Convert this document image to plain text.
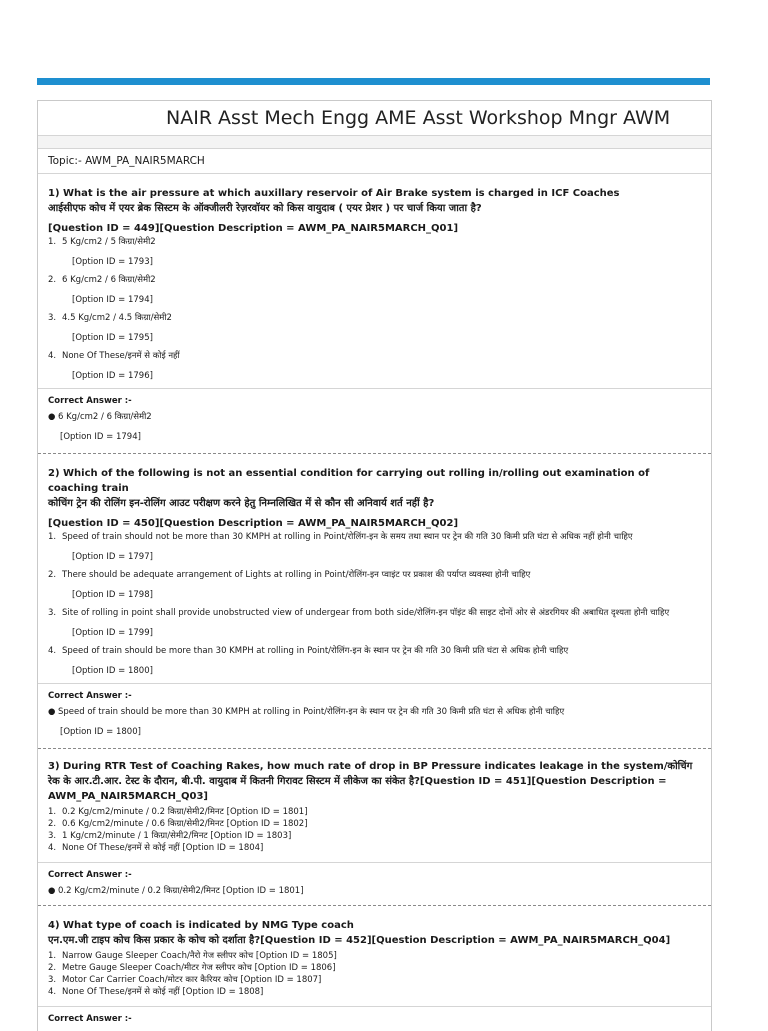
NAIR Asst Mech Engg AME Asst Workshop Mngr AWM
Topic:- AWM_PA_NAIR5MARCH
1) What is the air pressure at which auxillary reservoir of Air Brake system is charged in ICF Coaches
आईसीएफ कोच में एयर ब्रेक सिस्टम के ऑक्जीलरी रेज़रवॉयर को किस वायुदाब ( एयर प्रेशर ) पर चार्ज किया जाता है?
[Question ID = 449][Question Description = AWM_PA_NAIR5MARCH_Q01]
1. 5 Kg/cm2 / 5 किग्रा/सेमी2
[Option ID = 1793]
2. 6 Kg/cm2 / 6 किग्रा/सेमी2
[Option ID = 1794]
3. 4.5 Kg/cm2 / 4.5 किग्रा/सेमी2
[Option ID = 1795]
4. None Of These/इनमें से कोई नहीं
[Option ID = 1796]
Correct Answer :-
● 6 Kg/cm2 / 6 किग्रा/सेमी2
[Option ID = 1794]
2) Which of the following is not an essential condition for carrying out rolling in/rolling out examination of coaching train
कोचिंग ट्रेन की रोलिंग इन-रोलिंग आउट परीक्षण करने हेतु निम्नलिखित में से कौन सी अनिवार्य शर्त नहीं है?
[Question ID = 450][Question Description = AWM_PA_NAIR5MARCH_Q02]
1. Speed of train should not be more than 30 KMPH at rolling in Point/रोलिंग-इन के समय तथा स्थान पर ट्रेन की गति 30 किमी प्रति घंटा से अधिक नहीं होनी चाहिए
[Option ID = 1797]
2. There should be adequate arrangement of Lights at rolling in Point/रोलिंग-इन प्वाइंट पर प्रकाश की पर्याप्त व्यवस्था होनी चाहिए
[Option ID = 1798]
3. Site of rolling in point shall provide unobstructed view of undergear from both side/रोलिंग-इन पॉइंट की साइट दोनों ओर से अंडरगियर की अबाधित दृश्यता होनी चाहिए
[Option ID = 1799]
4. Speed of train should be more than 30 KMPH at rolling in Point/रोलिंग-इन के स्थान पर ट्रेन की गति 30 किमी प्रति घंटा से अधिक होनी चाहिए
[Option ID = 1800]
Correct Answer :-
● Speed of train should be more than 30 KMPH at rolling in Point/रोलिंग-इन के स्थान पर ट्रेन की गति 30 किमी प्रति घंटा से अधिक होनी चाहिए
[Option ID = 1800]
3) During RTR Test of Coaching Rakes, how much rate of drop in BP Pressure indicates leakage in the system/कोचिंग रेक के आर.टी.आर. टेस्ट के दौरान, बी.पी. वायुदाब में कितनी गिरावट सिस्टम में लीकेज का संकेत है?[Question ID = 451][Question Description = AWM_PA_NAIR5MARCH_Q03]
1. 0.2 Kg/cm2/minute / 0.2 किग्रा/सेमी2/मिनट [Option ID = 1801]
2. 0.6 Kg/cm2/minute / 0.6 किग्रा/सेमी2/मिनट [Option ID = 1802]
3. 1 Kg/cm2/minute / 1 किग्रा/सेमी2/मिनट [Option ID = 1803]
4. None Of These/इनमें से कोई नहीं [Option ID = 1804]
Correct Answer :-
● 0.2 Kg/cm2/minute / 0.2 किग्रा/सेमी2/मिनट [Option ID = 1801]
4) What type of coach is indicated by NMG Type coach
एन.एम.जी टाइप कोच किस प्रकार के कोच को दर्शाता है?[Question ID = 452][Question Description = AWM_PA_NAIR5MARCH_Q04]
1. Narrow Gauge Sleeper Coach/नैरो गेज स्लीपर कोच [Option ID = 1805]
2. Metre Gauge Sleeper Coach/मीटर गेज स्लीपर कोच [Option ID = 1806]
3. Motor Car Carrier Coach/मोटर कार कैरियर कोच [Option ID = 1807]
4. None Of These/इनमें से कोई नहीं [Option ID = 1808]
Correct Answer :-
